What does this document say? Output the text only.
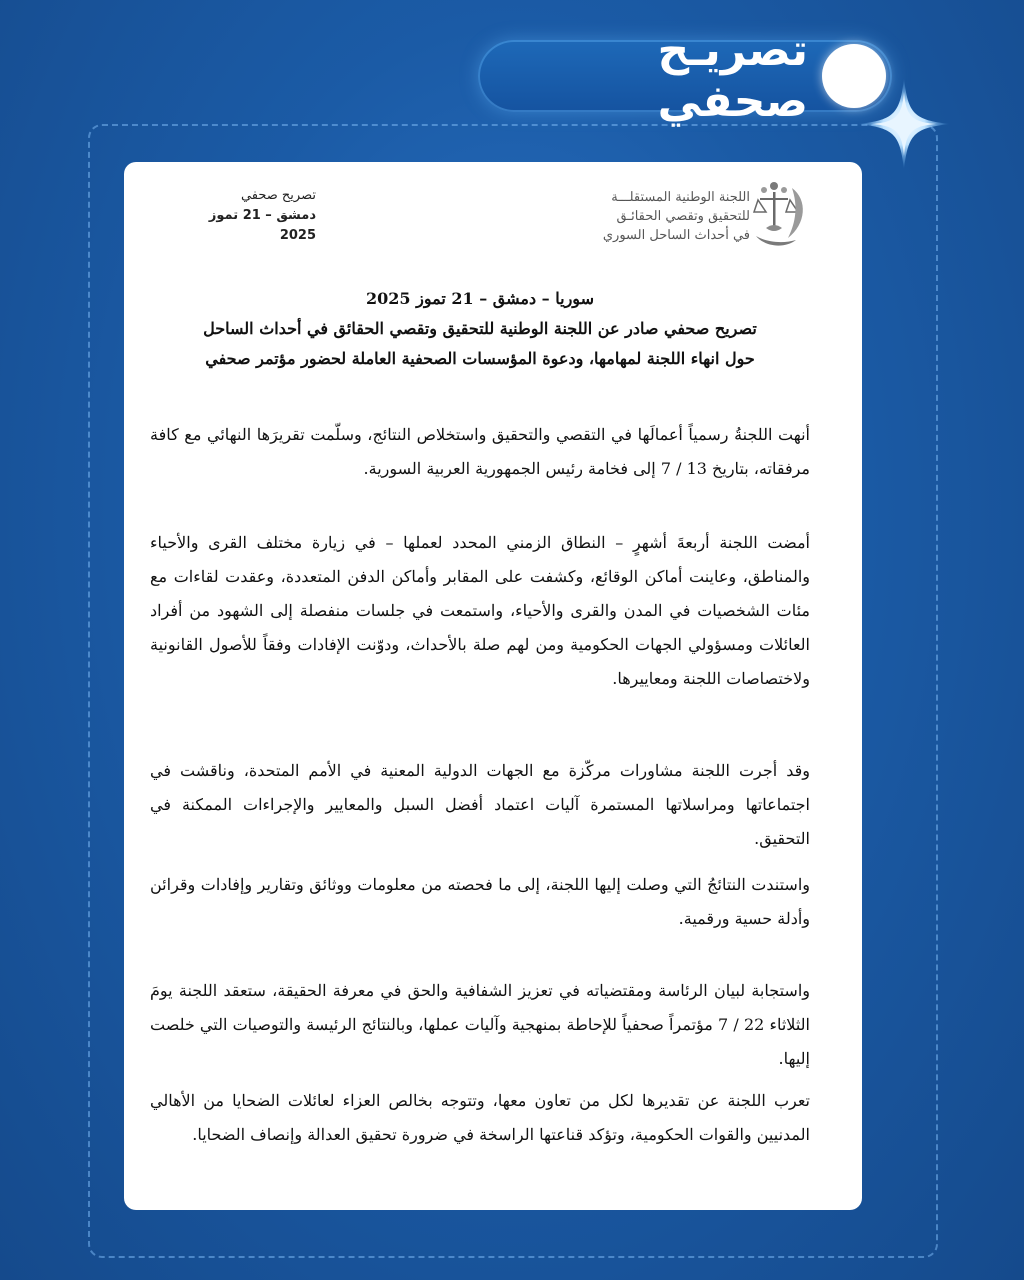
تصريـح صحفي
تصريح صحفي
دمشق – 21 تموز 2025
اللجنة الوطنية المستقلـــة
للتحقيق وتقصي الحقائـق
في أحداث الساحل السوري
سوريا – دمشق – 21 تموز 2025
تصريح صحفي صادر عن اللجنة الوطنية للتحقيق وتقصي الحقائق في أحداث الساحل
حول انهاء اللجنة لمهامها، ودعوة المؤسسات الصحفية العاملة لحضور مؤتمر صحفي
أنهت اللجنةُ رسمياً أعمالَها في التقصي والتحقيق واستخلاص النتائج، وسلّمت تقريرَها النهائي مع كافة مرفقاته، بتاريخ 13 / 7 إلى فخامة رئيس الجمهورية العربية السورية.
أمضت اللجنة أربعةَ أشهرٍ – النطاق الزمني المحدد لعملها – في زيارة مختلف القرى والأحياء والمناطق، وعاينت أماكن الوقائع، وكشفت على المقابر وأماكن الدفن المتعددة، وعقدت لقاءات مع مئات الشخصيات في المدن والقرى والأحياء، واستمعت في جلسات منفصلة إلى الشهود من أفراد العائلات ومسؤولي الجهات الحكومية ومن لهم صلة بالأحداث، ودوّنت الإفادات وفقاً للأصول القانونية ولاختصاصات اللجنة ومعاييرها.
وقد أجرت اللجنة مشاورات مركّزة مع الجهات الدولية المعنية في الأمم المتحدة، وناقشت في اجتماعاتها ومراسلاتها المستمرة آليات اعتماد أفضل السبل والمعايير والإجراءات الممكنة في التحقيق.
واستندت النتائجُ التي وصلت إليها اللجنة، إلى ما فحصته من معلومات ووثائق وتقارير وإفادات وقرائن وأدلة حسية ورقمية.
واستجابة لبيان الرئاسة ومقتضياته في تعزيز الشفافية والحق في معرفة الحقيقة، ستعقد اللجنة يومَ الثلاثاء 22 / 7 مؤتمراً صحفياً للإحاطة بمنهجية وآليات عملها، وبالنتائج الرئيسة والتوصيات التي خلصت إليها.
تعرب اللجنة عن تقديرها لكل من تعاون معها، وتتوجه بخالص العزاء لعائلات الضحايا من الأهالي المدنيين والقوات الحكومية، وتؤكد قناعتها الراسخة في ضرورة تحقيق العدالة وإنصاف الضحايا.
